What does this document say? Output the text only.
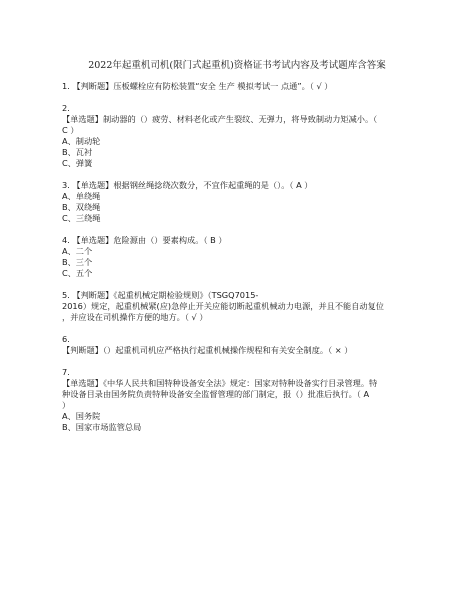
2022年起重机司机(限门式起重机)资格证书考试内容及考试题库含答案
1. 【判断题】压板螺栓应有防松装置“安全 生产 模拟考试一 点通”。（ √ ）
2.
【单选题】制动器的（）疲劳、材料老化或产生裂纹、无弹力，将导致制动力矩减小。（
C ）
A、制动轮
B、瓦衬
C、弹簧
3. 【单选题】根据钢丝绳捻绕次数分，不宜作起重绳的是（）。（ A ）
A、单绕绳
B、双绕绳
C、三绕绳
4. 【单选题】危险源由（）要素构成。（ B ）
A、二个
B、三个
C、五个
5. 【判断题】《起重机械定期检验规则》（TSGQ7015-
2016）规定，起重机械紧(应)急停止开关应能切断起重机械动力电源，并且不能自动复位
，并应设在司机操作方便的地方。（ √ ）
6.
【判断题】（）起重机司机应严格执行起重机械操作规程和有关安全制度。（ × ）
7.
【单选题】《中华人民共和国特种设备安全法》规定：国家对特种设备实行目录管理。特
种设备目录由国务院负责特种设备安全监督管理的部门制定，报（）批准后执行。（ A
）
A、国务院
B、国家市场监管总局
